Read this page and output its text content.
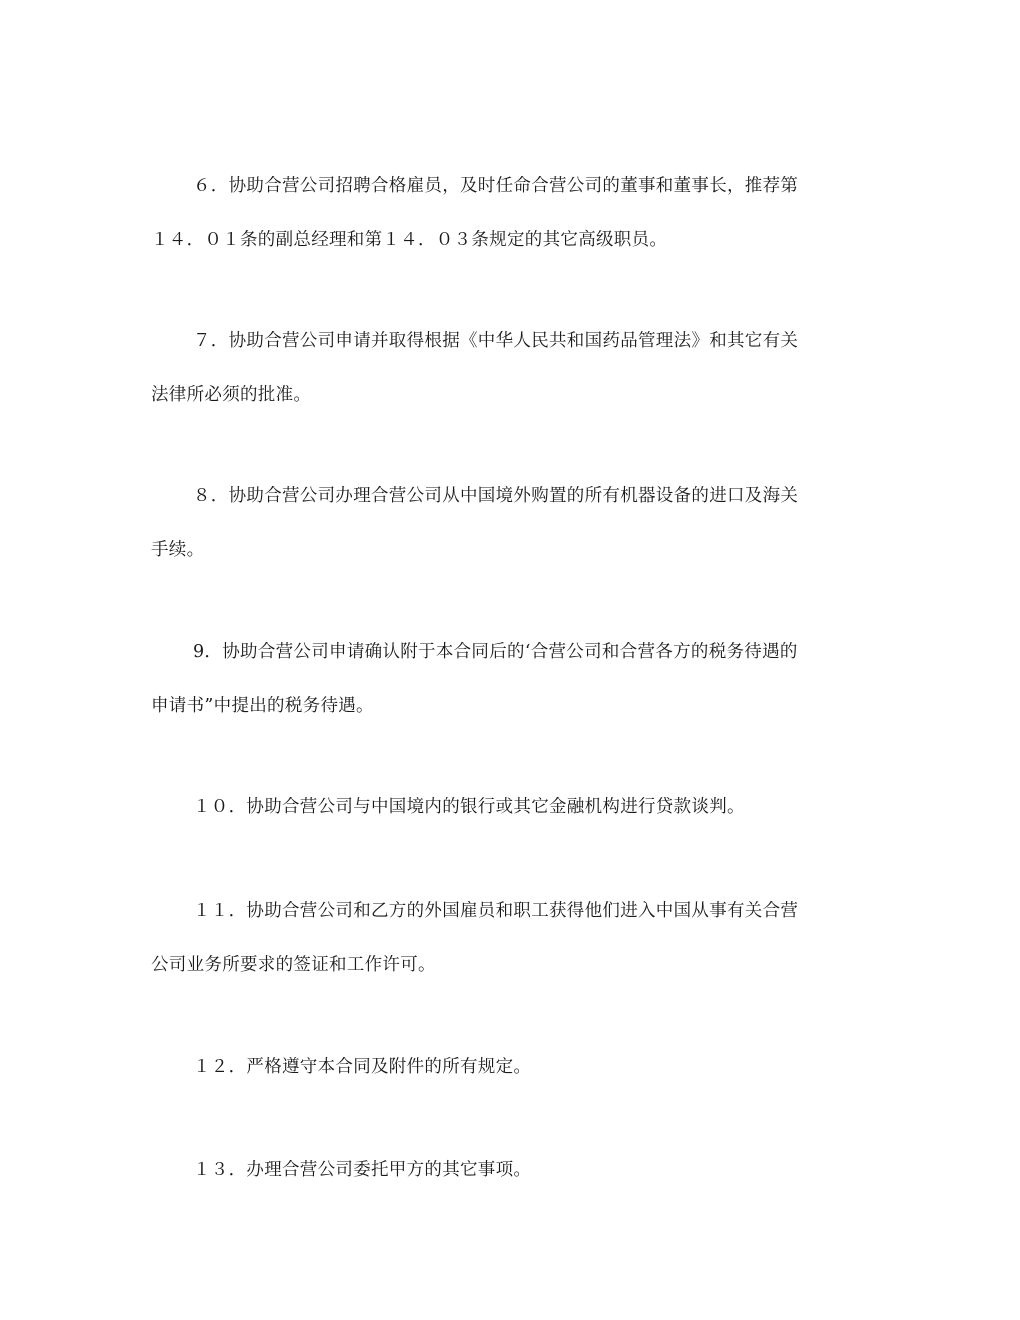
６．协助合营公司招聘合格雇员，及时任命合营公司的董事和董事长，推荐第
１４．０１条的副总经理和第１４．０３条规定的其它高级职员。
７．协助合营公司申请并取得根据《中华人民共和国药品管理法》和其它有关
法律所必须的批准。
８．协助合营公司办理合营公司从中国境外购置的所有机器设备的进口及海关
手续。
9．协助合营公司申请确认附于本合同后的‘合营公司和合营各方的税务待遇的
申请书”中提出的税务待遇。
１０．协助合营公司与中国境内的银行或其它金融机构进行贷款谈判。
１１．协助合营公司和乙方的外国雇员和职工获得他们进入中国从事有关合营
公司业务所要求的签证和工作许可。
１２．严格遵守本合同及附件的所有规定。
１３．办理合营公司委托甲方的其它事项。
